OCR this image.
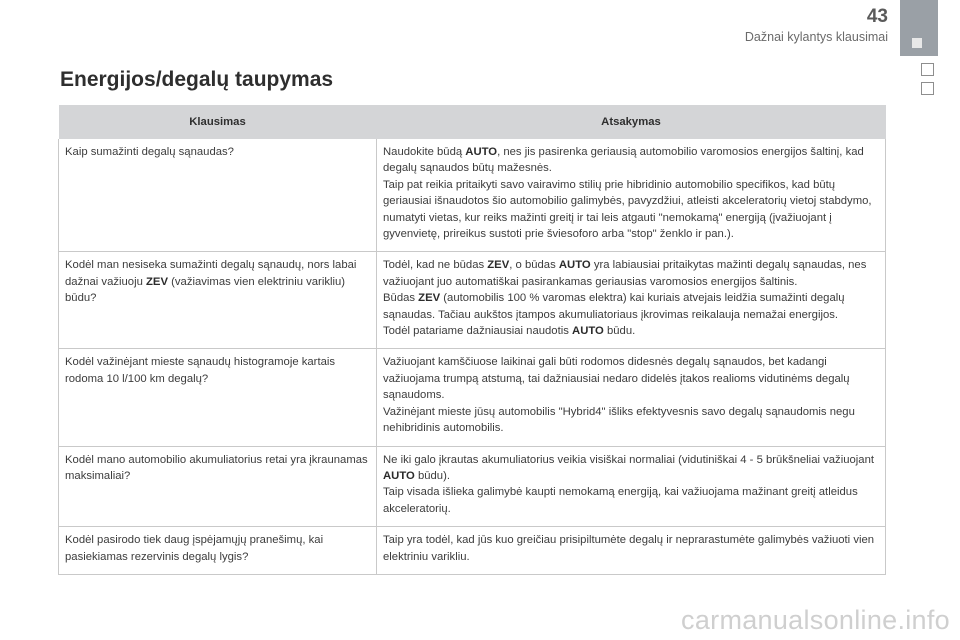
43
Dažnai kylantys klausimai
Energijos/degalų taupymas
Klausimas	Atsakymas
Kaip sumažinti degalų sąnaudas?	Naudokite būdą AUTO, nes jis pasirenka geriausią automobilio varomosios energijos šaltinį, kad degalų sąnaudos būtų mažesnės.
Taip pat reikia pritaikyti savo vairavimo stilių prie hibridinio automobilio specifikos, kad būtų geriausiai išnaudotos šio automobilio galimybės, pavyzdžiui, atleisti akceleratorių vietoj stabdymo, numatyti vietas, kur reiks mažinti greitį ir tai leis atgauti "nemokamą" energiją (įvažiuojant į gyvenvietę, prireikus sustoti prie šviesoforo arba "stop" ženklo ir pan.).

Kodėl man nesiseka sumažinti degalų sąnaudų, nors labai dažnai važiuoju ZEV (važiavimas vien elektriniu varikliu) būdu?	Todėl, kad ne būdas ZEV, o būdas AUTO yra labiausiai pritaikytas mažinti degalų sąnaudas, nes važiuojant juo automatiškai pasirankamas geriausias varomosios energijos šaltinis.
Būdas ZEV (automobilis 100 % varomas elektra) kai kuriais atvejais leidžia sumažinti degalų sąnaudas. Tačiau aukštos įtampos akumuliatoriaus įkrovimas reikalauja nemažai energijos.
Todėl patariame dažniausiai naudotis AUTO būdu.

Kodėl važinėjant mieste sąnaudų histogramoje kartais rodoma 10 l/100 km degalų?	Važiuojant kamščiuose laikinai gali būti rodomos didesnės degalų sąnaudos, bet kadangi važiuojama trumpą atstumą, tai dažniausiai nedaro didelės įtakos realioms vidutinėms degalų sąnaudoms.
Važinėjant mieste jūsų automobilis "Hybrid4" išliks efektyvesnis savo degalų sąnaudomis negu nehibridinis automobilis.

Kodėl mano automobilio akumuliatorius retai yra įkraunamas maksimaliai?	Ne iki galo įkrautas akumuliatorius veikia visiškai normaliai (vidutiniškai 4 - 5 brūkšneliai važiuojant AUTO būdu).
Taip visada išlieka galimybė kaupti nemokamą energiją, kai važiuojama mažinant greitį atleidus akceleratorių.

Kodėl pasirodo tiek daug įspėjamųjų pranešimų, kai pasiekiamas rezervinis degalų lygis?	Taip yra todėl, kad jūs kuo greičiau prisipiltumėte degalų ir neprarastumėte galimybės važiuoti vien elektriniu varikliu.
carmanualsonline.info
